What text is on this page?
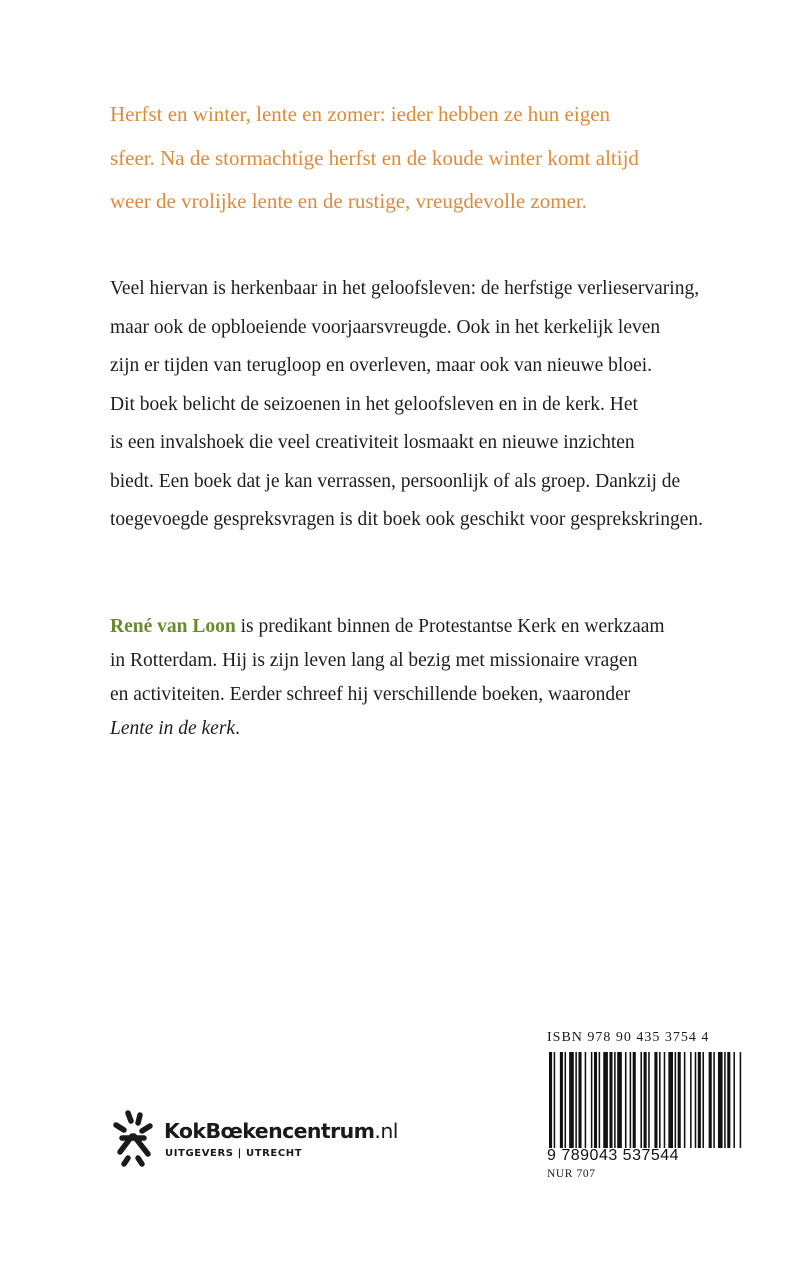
Herfst en winter, lente en zomer: ieder hebben ze hun eigen
sfeer. Na de stormachtige herfst en de koude winter komt altijd
weer de vrolijke lente en de rustige, vreugdevolle zomer.
Veel hiervan is herkenbaar in het geloofsleven: de herfstige verlieservaring,
maar ook de opbloeiende voorjaarsvreugde. Ook in het kerkelijk leven
zijn er tijden van terugloop en overleven, maar ook van nieuwe bloei.
Dit boek belicht de seizoenen in het geloofsleven en in de kerk. Het
is een invalshoek die veel creativiteit losmaakt en nieuwe inzichten
biedt. Een boek dat je kan verrassen, persoonlijk of als groep. Dankzij de
toegevoegde gespreksvragen is dit boek ook geschikt voor gesprekskringen.
René van Loon is predikant binnen de Protestantse Kerk en werkzaam
in Rotterdam. Hij is zijn leven lang al bezig met missionaire vragen
en activiteiten. Eerder schreef hij verschillende boeken, waaronder
Lente in de kerk.
KokBœkencentrum.nl
UITGEVERS | UTRECHT
ISBN 978 90 435 3754 4
9 789043 537544
NUR 707
